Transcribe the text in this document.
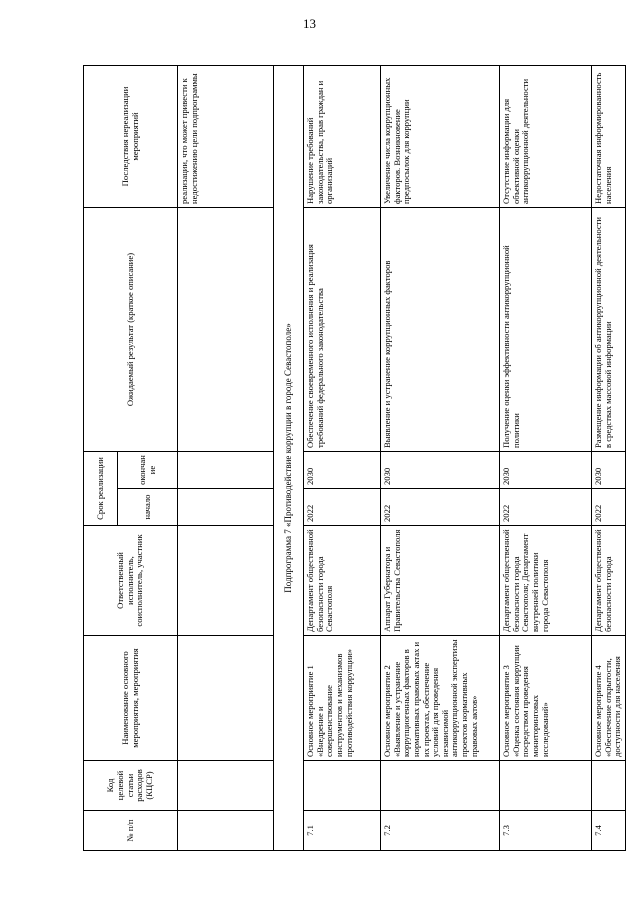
13
№ п/п	Код целевой статьи расходов (КЦСР)	Наименование основного мероприятия, мероприятия	Ответственный исполнитель, соисполнитель, участник	Срок реализации		Ожидаемый результат (краткое описание)	Последствия нереализации мероприятий
				начало	окончание		
							реализации, что может привести к недостижению цели подпрограммы
Подпрограмма 7 «Противодействие коррупции в городе Севастополе»							
7.1		Основное мероприятие 1 «Внедрение и совершенствование инструментов и механизмов противодействия коррупции»	Департамент общественной безопасности города Севастополя	2022	2030	Обеспечение своевременного исполнения и реализация требований федерального законодательства	Нарушение требований законодательства, прав граждан и организаций
7.2		Основное мероприятие 2 «Выявление и устранение коррупциогенных факторов в нормативных правовых актах и их проектах, обеспечение условий для проведения независимой антикоррупционной экспертизы проектов нормативных правовых актов»	Аппарат Губернатора и Правительства Севастополя	2022	2030	Выявление и устранение коррупционных факторов	Увеличение числа коррупционных факторов. Возникновение предпосылок для коррупции
7.3		Основное мероприятие 3 «Оценка состояния коррупции посредством проведения мониторинговых исследований»	Департамент общественной безопасности города Севастополя; Департамент внутренней политики города Севастополя	2022	2030	Получение оценки эффективности антикоррупционной политики	Отсутствие информации для объективной оценки антикоррупционной деятельности
7.4		Основное мероприятие 4 «Обеспечение открытости, доступности для населения	Департамент общественной безопасности города	2022	2030	Размещение информации об антикоррупционной деятельности в средствах массовой информации	Недостаточная информированность населения
